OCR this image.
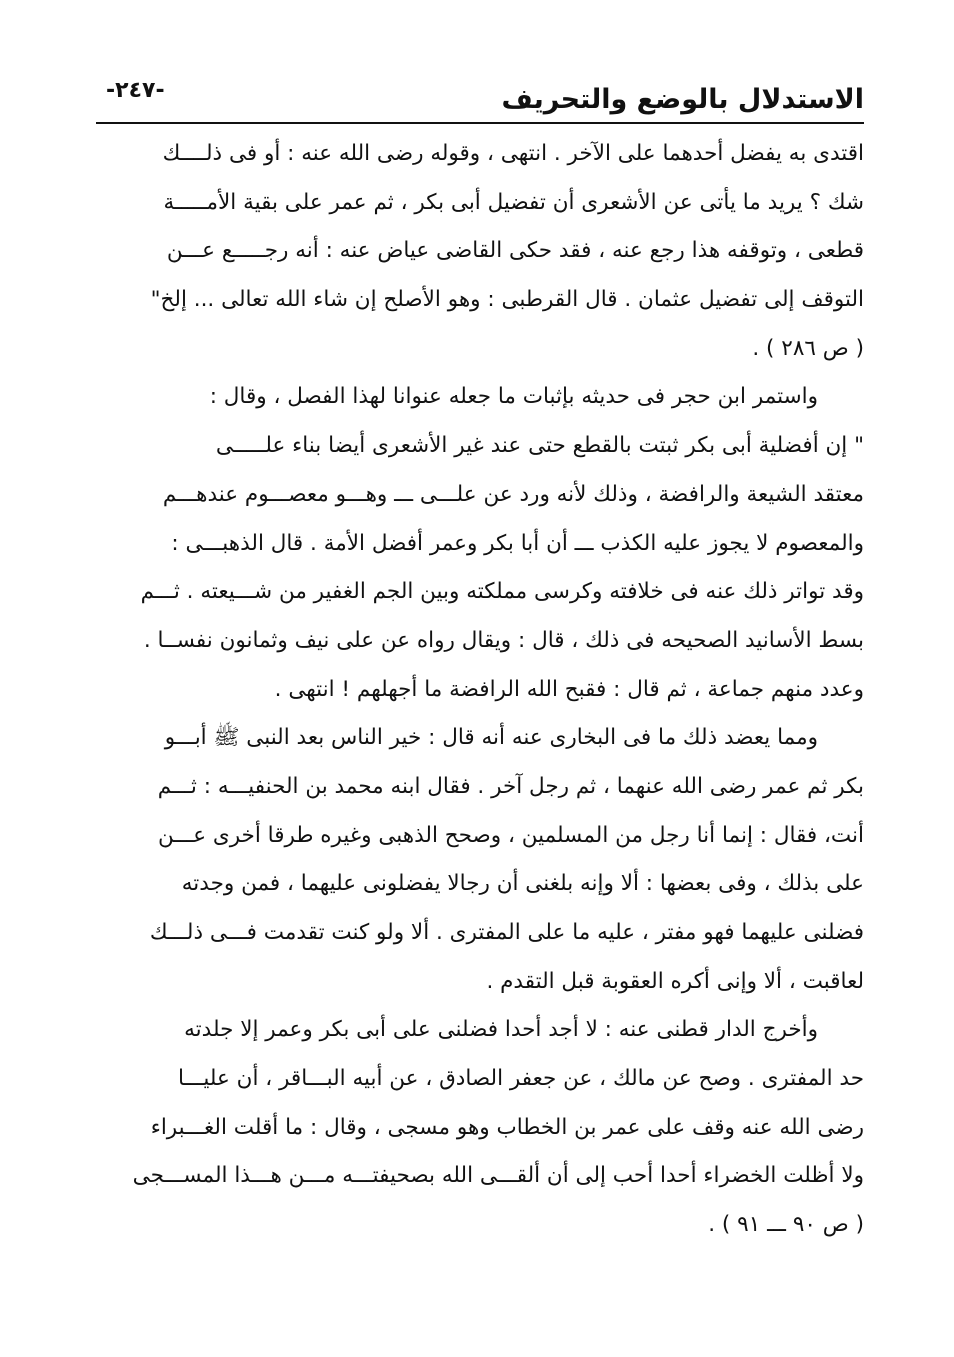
-٢٤٧-	الاستدلال بالوضع والتحريف
اقتدى به يفضل أحدهما على الآخر . انتهى ، وقوله رضى الله عنه : أو فى ذلــــك
شك ؟ يريد ما يأتى عن الأشعرى أن تفضيل أبى بكر ، ثم عمر على بقية الأمـــــة
قطعى ، وتوقفه هذا رجع عنه ، فقد حكى القاضى عياض عنه : أنه رجـــــع عـــن
التوقف إلى تفضيل عثمان . قال القرطبى : وهو الأصلح إن شاء الله تعالى ... إلخ"
( ص ٢٨٦ ) .
واستمر ابن حجر فى حديثه بإثبات ما جعله عنوانا لهذا الفصل ، وقال :
" إن أفضلية أبى بكر ثبتت بالقطع حتى عند غير الأشعرى أيضا بناء علـــــى
معتقد الشيعة والرافضة ، وذلك لأنه ورد عن علـــى ـــ وهـــو معصـــوم عندهـــم
والمعصوم لا يجوز عليه الكذب ـــ أن أبا بكر وعمر أفضل الأمة . قال الذهبـــى :
وقد تواتر ذلك عنه فى خلافته وكرسى مملكته وبين الجم الغفير من شـــيعته . ثـــم
بسط الأسانيد الصحيحه فى ذلك ، قال : ويقال رواه عن على نيف وثمانون نفســا .
وعدد منهم جماعة ، ثم قال : فقبح الله الرافضة ما أجهلهم ! انتهى .
ومما يعضد ذلك ما فى البخارى عنه أنه قال : خير الناس بعد النبى ﷺ أبـــو
بكر ثم عمر رضى الله عنهما ، ثم رجل آخر . فقال ابنه محمد بن الحنفيـــه : ثـــم
أنت، فقال : إنما أنا رجل من المسلمين ، وصحح الذهبى وغيره طرقا أخرى عـــن
على بذلك ، وفى بعضها : ألا وإنه بلغنى أن رجالا يفضلونى عليهما ، فمن وجدته
فضلنى عليهما فهو مفتر ، عليه ما على المفترى . ألا ولو كنت تقدمت فـــى ذلـــك
لعاقبت ، ألا وإنى أكره العقوبة قبل التقدم .
وأخرج الدار قطنى عنه : لا أجد أحدا فضلنى على أبى بكر وعمر إلا جلدته
حد المفترى . وصح عن مالك ، عن جعفر الصادق ، عن أبيه البـــاقر ، أن عليـــا
رضى الله عنه وقف على عمر بن الخطاب وهو مسجى ، وقال : ما أقلت الغـــبراء
ولا أظلت الخضراء أحدا أحب إلى أن ألقـــى الله بصحيفتـــه مـــن هـــذا المســـجى
( ص ٩٠ ـــ ٩١ ) .
